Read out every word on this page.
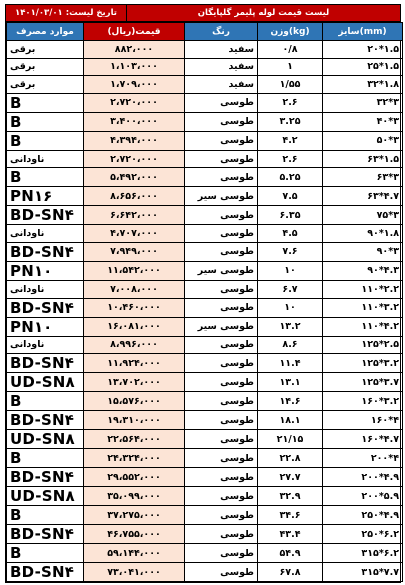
تاریخ لیست: ۱۴۰۱/۰۳/۰۱	لیست قیمت لوله پلیمر گلپایگان
موارد مصرف	قیمت(ریال)	رنگ	وزن(kg)	سایز(mm)
برقی	۸۸۲،۰۰۰	سفید	۰/۸	۲۰*۱.۵
برقی	۱،۱۰۳،۰۰۰	سفید	۱	۲۵*۱.۵
برقی	۱،۷۰۹،۰۰۰	سفید	۱/۵۵	۳۲*۱.۸
B	۲،۷۲۰،۰۰۰	طوسی	۲.۶	۳۲*۳
B	۳،۴۰۰،۰۰۰	طوسی	۳.۲۵	۴۰*۳
B	۴،۳۹۴،۰۰۰	طوسی	۴.۲	۵۰*۳
ناودانی	۲،۷۲۰،۰۰۰	طوسی	۲.۶	۶۳*۱.۵
B	۵،۴۹۲،۰۰۰	طوسی	۵.۲۵	۶۳*۳
PN۱۶	۸،۶۵۶،۰۰۰	طوسی سیر	۷.۵	۶۳*۴.۷
BD-SN۴	۶،۶۴۲،۰۰۰	طوسی	۶.۳۵	۷۵*۳
ناودانی	۴،۷۰۷،۰۰۰	طوسی	۴.۵	۹۰*۱.۸
BD-SN۴	۷،۹۴۹،۰۰۰	طوسی	۷.۶	۹۰*۳
PN۱۰	۱۱،۵۴۲،۰۰۰	طوسی سیر	۱۰	۹۰*۴.۳
ناودانی	۷،۰۰۸،۰۰۰	طوسی	۶.۷	۱۱۰*۲.۲
BD-SN۴	۱۰،۴۶۰،۰۰۰	طوسی	۱۰	۱۱۰*۳.۲
PN۱۰	۱۶،۰۸۱،۰۰۰	طوسی سیر	۱۳.۲	۱۱۰*۴.۲
ناودانی	۸،۹۹۶،۰۰۰	طوسی	۸.۶	۱۲۵*۲.۵
BD-SN۴	۱۱،۹۲۴،۰۰۰	طوسی	۱۱.۴	۱۲۵*۳.۲
UD-SN۸	۱۳،۷۰۲،۰۰۰	طوسی	۱۳.۱	۱۲۵*۳.۷
B	۱۵،۵۷۶،۰۰۰	طوسی	۱۴.۶	۱۶۰*۳.۲
BD-SN۴	۱۹،۳۱۰،۰۰۰	طوسی	۱۸.۱	۱۶۰*۴
UD-SN۸	۲۲،۵۶۴،۰۰۰	طوسی	۲۱/۱۵	۱۶۰*۴.۷
B	۲۴،۳۲۴،۰۰۰	طوسی	۲۲.۸	۲۰۰*۴
BD-SN۴	۲۹،۵۵۲،۰۰۰	طوسی	۲۷.۷	۲۰۰*۴.۹
UD-SN۸	۳۵،۰۹۹،۰۰۰	طوسی	۳۲.۹	۲۰۰*۵.۹
B	۳۷،۲۷۵،۰۰۰	طوسی	۳۴.۶	۲۵۰*۴.۹
BD-SN۴	۴۶،۷۵۵،۰۰۰	طوسی	۴۳.۴	۲۵۰*۶.۲
B	۵۹،۱۴۴،۰۰۰	طوسی	۵۴.۹	۳۱۵*۶.۲
BD-SN۴	۷۳،۰۴۱،۰۰۰	طوسی	۶۷.۸	۳۱۵*۷.۷
